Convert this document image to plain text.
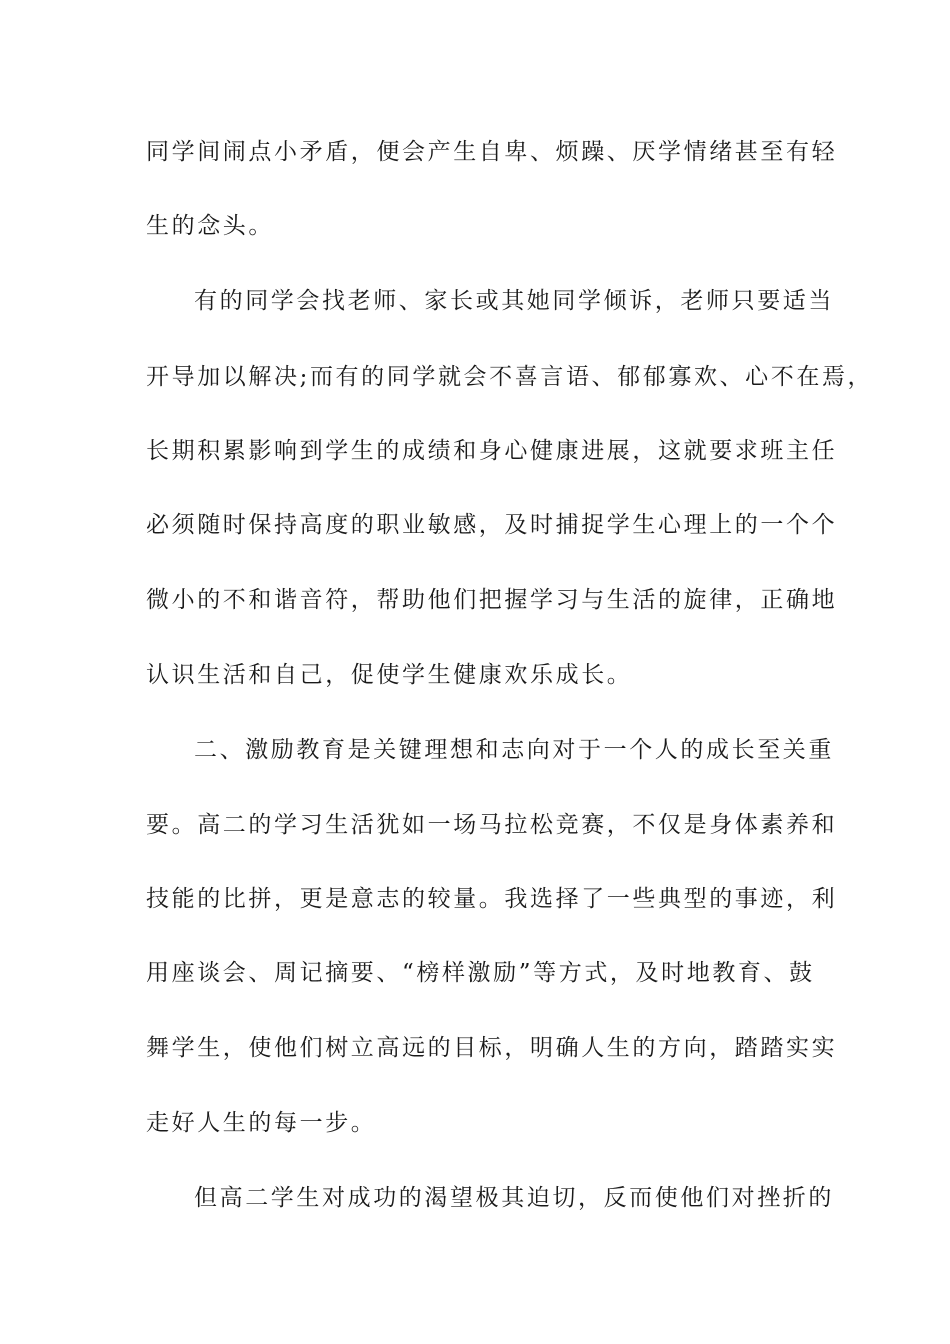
同学间闹点小矛盾，便会产生自卑、烦躁、厌学情绪甚至有轻
生的念头。
有的同学会找老师、家长或其她同学倾诉，老师只要适当
开导加以解决;而有的同学就会不喜言语、郁郁寡欢、心不在焉，
长期积累影响到学生的成绩和身心健康进展，这就要求班主任
必须随时保持高度的职业敏感，及时捕捉学生心理上的一个个
微小的不和谐音符，帮助他们把握学习与生活的旋律，正确地
认识生活和自己，促使学生健康欢乐成长。
二、激励教育是关键理想和志向对于一个人的成长至关重
要。高二的学习生活犹如一场马拉松竞赛，不仅是身体素养和
技能的比拼，更是意志的较量。我选择了一些典型的事迹，利
用座谈会、周记摘要、“榜样激励”等方式，及时地教育、鼓
舞学生，使他们树立高远的目标，明确人生的方向，踏踏实实
走好人生的每一步。
但高二学生对成功的渴望极其迫切，反而使他们对挫折的
